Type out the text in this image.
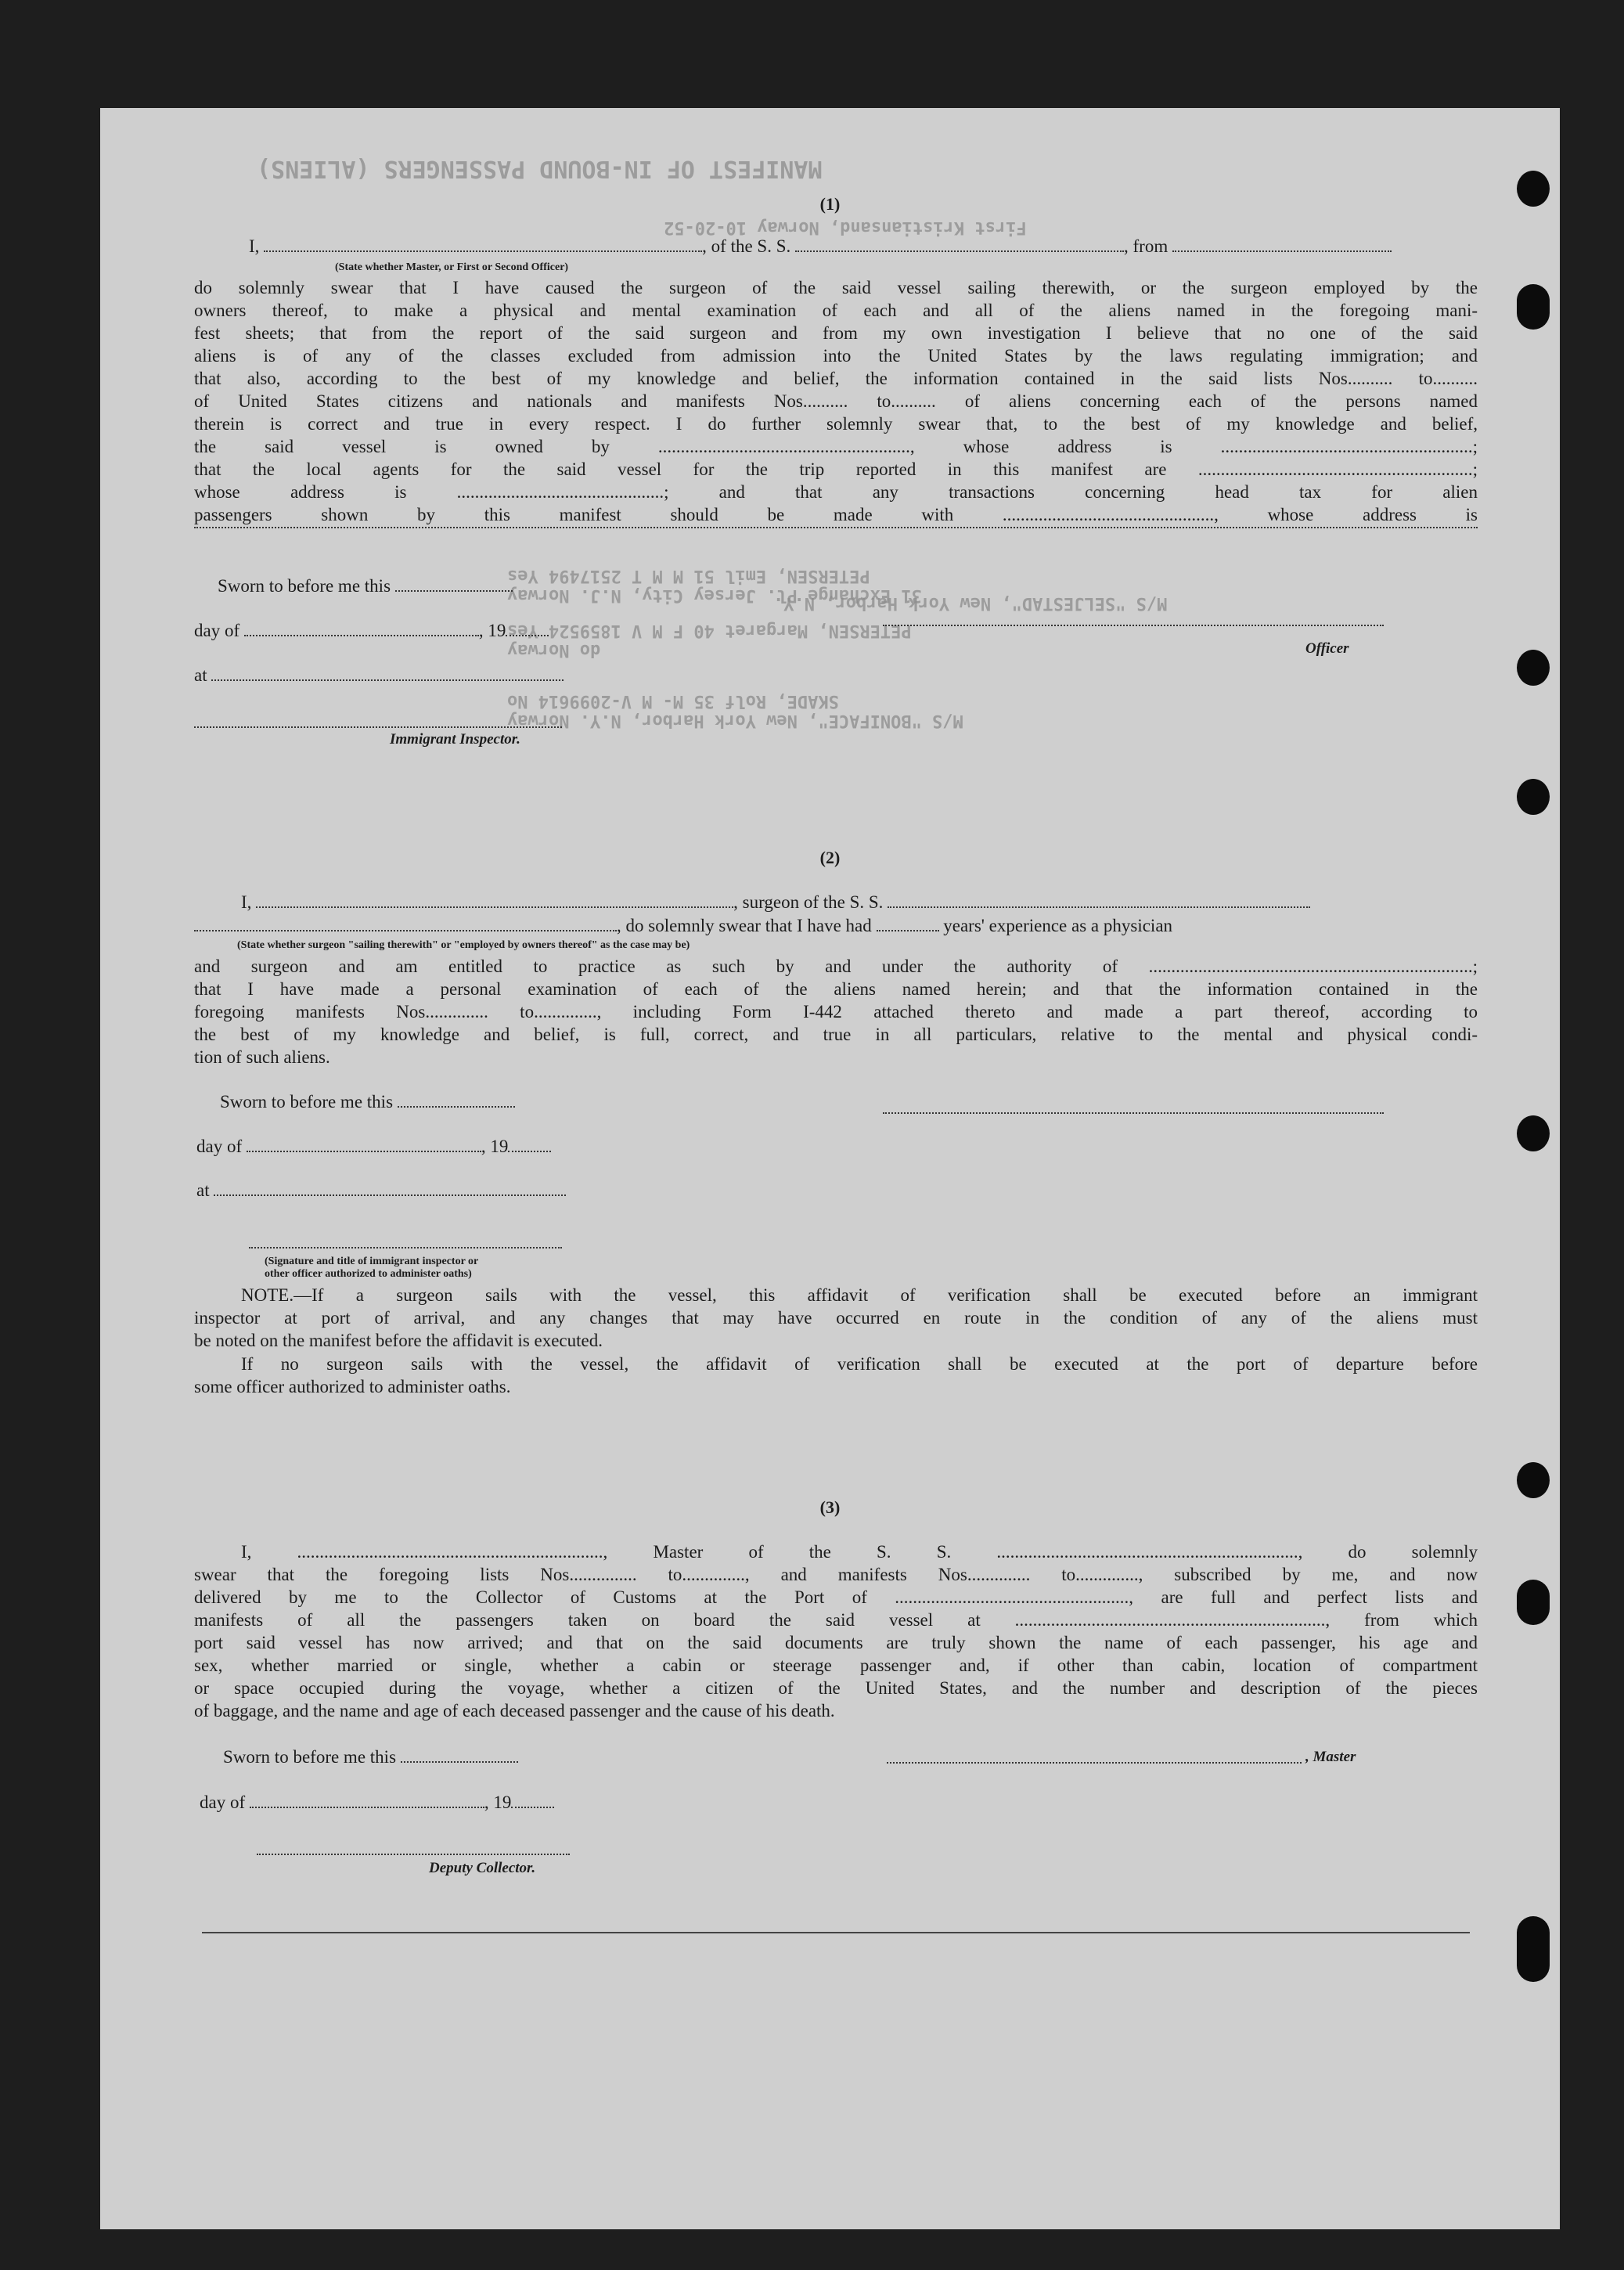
MANIFEST OF IN-BOUND PASSENGERS (ALIENS)
First Kristiansand, Norway 10-20-52
M/S "SELJESTAD", New York Harbor, N.Y.
PETERSEN, Emil 51 M M T 2517494 Yes
31 Exchange Pl. Jersey City, N.J. Norway
PETERSEN, Margaret 40 F M V 1859524 Yes
do Norway
SKADE, Rolf 35 M- M V-2099614 No
M/S "BONIFACE", New York Harbor, N.Y. Norway
(1)
I,	, of the S. S.	, from
(State whether Master, or First or Second Officer)
do solemnly swear that I have caused the surgeon of the said vessel sailing therewith, or the surgeon employed by the
owners thereof, to make a physical and mental examination of each and all of the aliens named in the foregoing mani-
fest sheets; that from the report of the said surgeon and from my own investigation I believe that no one of the said
aliens is of any of the classes excluded from admission into the United States by the laws regulating immigration; and
that also, according to the best of my knowledge and belief, the information contained in the said lists Nos.......... to..........
of United States citizens and nationals and manifests Nos.......... to.......... of aliens concerning each of the persons named
therein is correct and true in every respect. I do further solemnly swear that, to the best of my knowledge and belief,
the said vessel is owned by ........................................................, whose address is ........................................................;
that the local agents for the said vessel for the trip reported in this manifest are .............................................................;
whose address is ..............................................; and that any transactions concerning head tax for alien
passengers shown by this manifest should be made with ..............................................., whose address is
Sworn to before me this
day of	, 19
at
Immigrant Inspector.
Officer
(2)
I,	, surgeon of the S. S.
, do solemnly swear that I have had	years' experience as a physician
(State whether surgeon "sailing therewith" or "employed by owners thereof" as the case may be)
and surgeon and am entitled to practice as such by and under the authority of ........................................................................;
that I have made a personal examination of each of the aliens named herein; and that the information contained in the
foregoing manifests Nos.............. to.............., including Form I-442 attached thereto and made a part thereof, according to
the best of my knowledge and belief, is full, correct, and true in all particulars, relative to the mental and physical condi-
tion of such aliens.
Sworn to before me this
day of	, 19
at
(Signature and title of immigrant inspector or
other officer authorized to administer oaths)
NOTE.—If a surgeon sails with the vessel, this affidavit of verification shall be executed before an immigrant
inspector at port of arrival, and any changes that may have occurred en route in the condition of any of the aliens must
be noted on the manifest before the affidavit is executed.
If no surgeon sails with the vessel, the affidavit of verification shall be executed at the port of departure before
some officer authorized to administer oaths.
(3)
I, ...................................................................., Master of the S. S. ..................................................................., do solemnly
swear that the foregoing lists Nos............... to.............., and manifests Nos.............. to.............., subscribed by me, and now
delivered by me to the Collector of Customs at the Port of ...................................................., are full and perfect lists and
manifests of all the passengers taken on board the said vessel at ....................................................................., from which
port said vessel has now arrived; and that on the said documents are truly shown the name of each passenger, his age and
sex, whether married or single, whether a cabin or steerage passenger and, if other than cabin, location of compartment
or space occupied during the voyage, whether a citizen of the United States, and the number and description of the pieces
of baggage, and the name and age of each deceased passenger and the cause of his death.
Sworn to before me this	, Master
day of	, 19
Deputy Collector.
